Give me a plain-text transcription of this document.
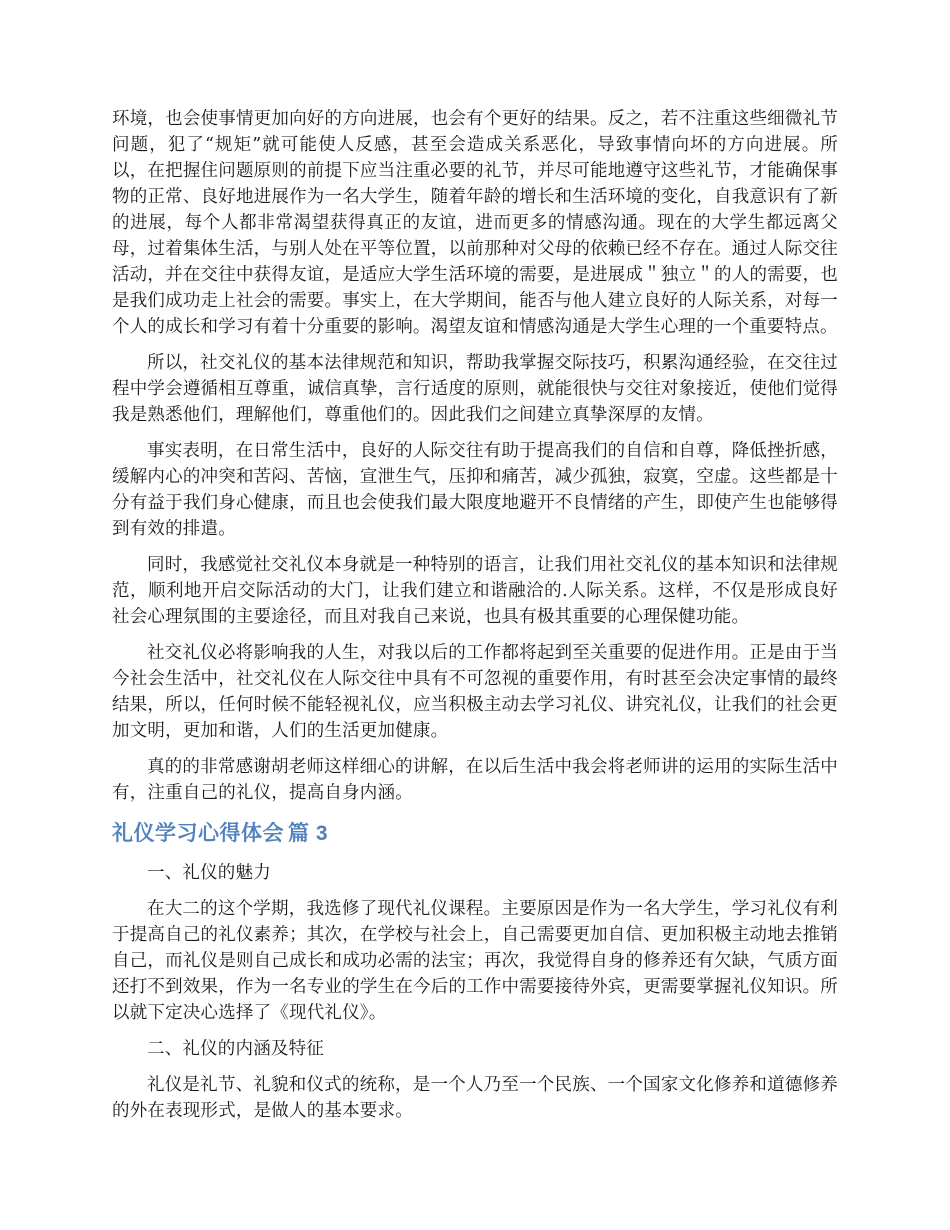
环境，也会使事情更加向好的方向进展，也会有个更好的结果。反之，若不注重这些细微礼节问题，犯了“规矩”就可能使人反感，甚至会造成关系恶化，导致事情向坏的方向进展。所以，在把握住问题原则的前提下应当注重必要的礼节，并尽可能地遵守这些礼节，才能确保事物的正常、良好地进展作为一名大学生，随着年龄的增长和生活环境的变化，自我意识有了新的进展，每个人都非常渴望获得真正的友谊，进而更多的情感沟通。现在的大学生都远离父母，过着集体生活，与别人处在平等位置，以前那种对父母的依赖已经不存在。通过人际交往活动，并在交往中获得友谊，是适应大学生活环境的需要，是进展成＂独立＂的人的需要，也是我们成功走上社会的需要。事实上，在大学期间，能否与他人建立良好的人际关系，对每一个人的成长和学习有着十分重要的影响。渴望友谊和情感沟通是大学生心理的一个重要特点。

所以，社交礼仪的基本法律规范和知识，帮助我掌握交际技巧，积累沟通经验，在交往过程中学会遵循相互尊重，诚信真挚，言行适度的原则，就能很快与交往对象接近，使他们觉得我是熟悉他们，理解他们，尊重他们的。因此我们之间建立真挚深厚的友情。

事实表明，在日常生活中，良好的人际交往有助于提高我们的自信和自尊，降低挫折感，缓解内心的冲突和苦闷、苦恼，宣泄生气，压抑和痛苦，减少孤独，寂寞，空虚。这些都是十分有益于我们身心健康，而且也会使我们最大限度地避开不良情绪的产生，即使产生也能够得到有效的排遣。

同时，我感觉社交礼仪本身就是一种特别的语言，让我们用社交礼仪的基本知识和法律规范，顺利地开启交际活动的大门，让我们建立和谐融洽的.人际关系。这样，不仅是形成良好社会心理氛围的主要途径，而且对我自己来说，也具有极其重要的心理保健功能。

社交礼仪必将影响我的人生，对我以后的工作都将起到至关重要的促进作用。正是由于当今社会生活中，社交礼仪在人际交往中具有不可忽视的重要作用，有时甚至会决定事情的最终结果，所以，任何时候不能轻视礼仪，应当积极主动去学习礼仪、讲究礼仪，让我们的社会更加文明，更加和谐，人们的生活更加健康。

真的的非常感谢胡老师这样细心的讲解，在以后生活中我会将老师讲的运用的实际生活中有，注重自己的礼仪，提高自身内涵。

礼仪学习心得体会 篇 3

一、礼仪的魅力

在大二的这个学期，我选修了现代礼仪课程。主要原因是作为一名大学生，学习礼仪有利于提高自己的礼仪素养；其次，在学校与社会上，自己需要更加自信、更加积极主动地去推销自己，而礼仪是则自己成长和成功必需的法宝；再次，我觉得自身的修养还有欠缺，气质方面还打不到效果，作为一名专业的学生在今后的工作中需要接待外宾，更需要掌握礼仪知识。所以就下定决心选择了《现代礼仪》。

二、礼仪的内涵及特征

礼仪是礼节、礼貌和仪式的统称，是一个人乃至一个民族、一个国家文化修养和道德修养的外在表现形式，是做人的基本要求。
